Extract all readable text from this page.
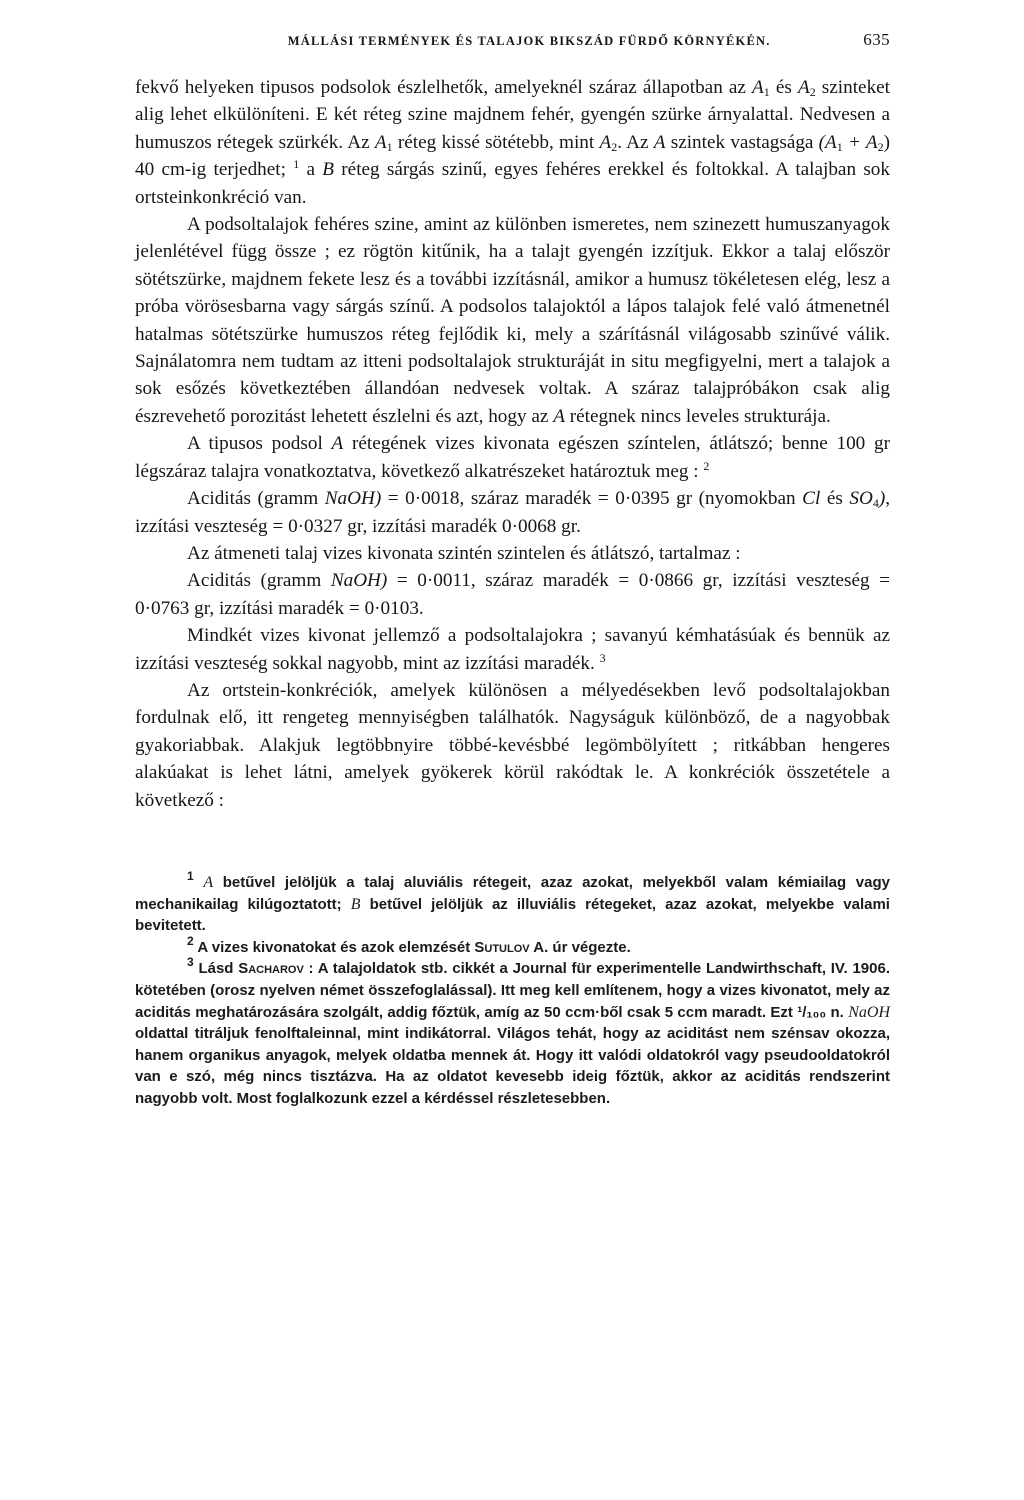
MÁLLÁSI TERMÉNYEK ÉS TALAJOK BIKSZÁD FÜRDŐ KÖRNYÉKÉN.	635

fekvő helyeken tipusos podsolok észlelhetők, amelyeknél száraz állapotban az $A_1$ és $A_2$ szinteket alig lehet elkülöníteni. E két réteg szine majdnem fehér, gyengén szürke árnyalattal. Nedvesen a humuszos rétegek szürkék. Az $A_1$ réteg kissé sötétebb, mint $A_2$. Az A szintek vastagsága $(A_1 + A_2)$ 40 cm-ig terjedhet; $^1$ a B réteg sárgás szinű, egyes fehéres erekkel és foltokkal. A talajban sok ortsteinkonkréció van.

A podsoltalajok fehéres szine, amint az különben ismeretes, nem szinezett humuszanyagok jelenlétével függ össze ; ez rögtön kitűnik, ha a talajt gyengén izzítjuk. Ekkor a talaj először sötétszürke, majdnem fekete lesz és a további izzításnál, amikor a humusz tökéletesen elég, lesz a próba vörösesbarna vagy sárgás színű. A podsolos talajoktól a lápos talajok felé való átmenetnél hatalmas sötétszürke humuszos réteg fejlődik ki, mely a szárításnál világosabb szinűvé válik. Sajnálatomra nem tudtam az itteni podsoltalajok strukturáját in situ megfigyelni, mert a talajok a sok esőzés következtében állandóan nedvesek voltak. A száraz talajpróbákon csak alig észrevehető porozitást lehetett észlelni és azt, hogy az A rétegnek nincs leveles strukturája.

A tipusos podsol A rétegének vizes kivonata egészen színtelen, átlátszó; benne 100 gr légszáraz talajra vonatkoztatva, következő alkatrészeket határoztuk meg : $^2$

Aciditás (gramm NaOH) = 0·0018, száraz maradék = 0·0395 gr (nyomokban Cl és $SO_4$), izzítási veszteség = 0·0327 gr, izzítási maradék 0·0068 gr.

Az átmeneti talaj vizes kivonata szintén szintelen és átlátszó, tartalmaz :

Aciditás (gramm NaOH) = 0·0011, száraz maradék = 0·0866 gr, izzítási veszteség = 0·0763 gr, izzítási maradék = 0·0103.

Mindkét vizes kivonat jellemző a podsoltalajokra ; savanyú kémhatásúak és bennük az izzítási veszteség sokkal nagyobb, mint az izzítási maradék. $^3$

Az ortstein-konkréciók, amelyek különösen a mélyedésekben levő podsoltalajokban fordulnak elő, itt rengeteg mennyiségben találhatók. Nagyságuk különböző, de a nagyobbak gyakoriabbak. Alakjuk legtöbbnyire többé-kevésbbé legömbölyített ; ritkábban hengeres alakúakat is lehet látni, amelyek gyökerek körül rakódtak le. A konkréciók összetétele a következő :

$^1$ A betűvel jelöljük a talaj aluviális rétegeit, azaz azokat, melyekből valam kémiailag vagy mechanikailag kilúgoztatott; B betűvel jelöljük az illuviális rétegeket, azaz azokat, melyekbe valami bevitetett.

$^2$ A vizes kivonatokat és azok elemzését Sutulov A. úr végezte.

$^3$ Lásd Sacharov : A talajoldatok stb. cikkét a Journal für experimentelle Landwirthschaft, IV. 1906. kötetében (orosz nyelven német összefoglalással). Itt meg kell említenem, hogy a vizes kivonatot, mely az aciditás meghatározására szolgált, addig főztük, amíg az 50 ccm·ből csak 5 ccm maradt. Ezt ¹/₁₀₀ n. NaOH oldattal titráljuk fenolftaleinnal, mint indikátorral. Világos tehát, hogy az aciditást nem szénsav okozza, hanem organikus anyagok, melyek oldatba mennek át. Hogy itt valódi oldatokról vagy pseudooldatokról van e szó, még nincs tisztázva. Ha az oldatot kevesebb ideig főztük, akkor az aciditás rendszerint nagyobb volt. Most foglalkozunk ezzel a kérdéssel részletesebben.
